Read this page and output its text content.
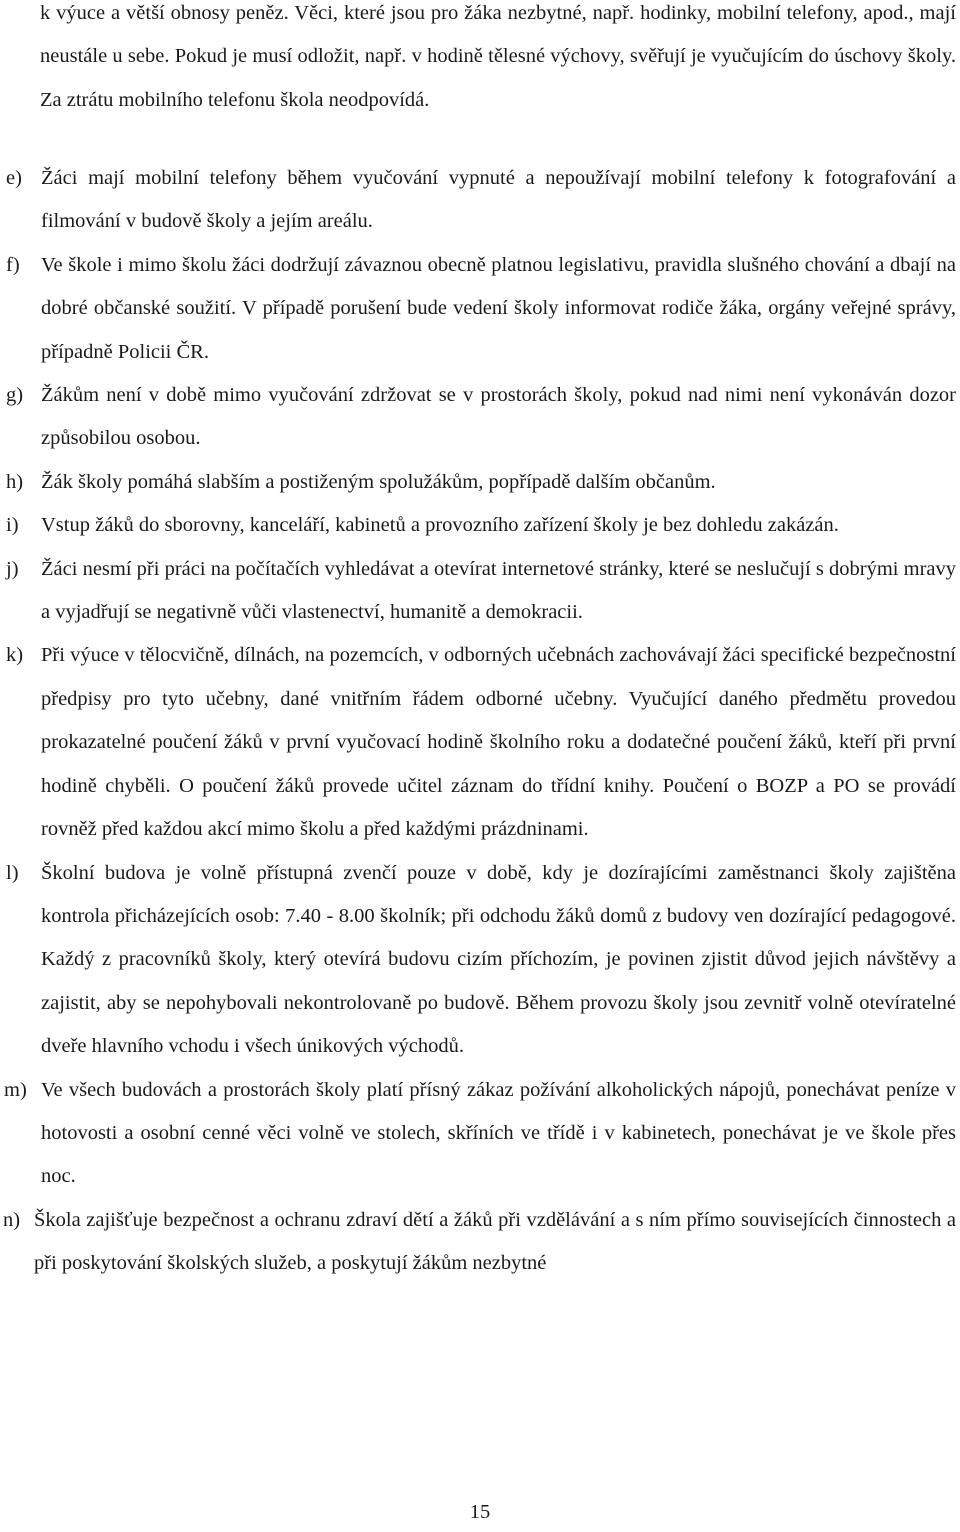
k výuce a větší obnosy peněz. Věci, které jsou pro žáka nezbytné, např. hodinky, mobilní telefony, apod., mají neustále u sebe. Pokud je musí odložit, např. v hodině tělesné výchovy, svěřují je vyučujícím do úschovy školy. Za ztrátu mobilního telefonu škola neodpovídá.

e) Žáci mají mobilní telefony během vyučování vypnuté a nepoužívají mobilní telefony k fotografování a filmování v budově školy a jejím areálu.
f) Ve škole i mimo školu žáci dodržují závaznou obecně platnou legislativu, pravidla slušného chování a dbají na dobré občanské soužití. V případě porušení bude vedení školy informovat rodiče žáka, orgány veřejné správy, případně Policii ČR.
g) Žákům není v době mimo vyučování zdržovat se v prostorách školy, pokud nad nimi není vykonáván dozor způsobilou osobou.
h) Žák školy pomáhá slabším a postiženým spolužákům, popřípadě dalším občanům.
i) Vstup žáků do sborovny, kanceláří, kabinetů a provozního zařízení školy je bez dohledu zakázán.
j) Žáci nesmí při práci na počítačích vyhledávat a otevírat internetové stránky, které se neslučují s dobrými mravy a vyjadřují se negativně vůči vlastenectví, humanitě a demokracii.
k) Při výuce v tělocvičně, dílnách, na pozemcích, v odborných učebnách zachovávají žáci specifické bezpečnostní předpisy pro tyto učebny, dané vnitřním řádem odborné učebny. Vyučující daného předmětu provedou prokazatelné poučení žáků v první vyučovací hodině školního roku a dodatečné poučení žáků, kteří při první hodině chyběli. O poučení žáků provede učitel záznam do třídní knihy. Poučení o BOZP a PO se provádí rovněž před každou akcí mimo školu a před každými prázdninami.
l) Školní budova je volně přístupná zvenčí pouze v době, kdy je dozírajícími zaměstnanci školy zajištěna kontrola přicházejících osob: 7.40 - 8.00 školník; při odchodu žáků domů z budovy ven dozírající pedagogové. Každý z pracovníků školy, který otevírá budovu cizím příchozím, je povinen zjistit důvod jejich návštěvy a zajistit, aby se nepohybovali nekontrolovaně po budově. Během provozu školy jsou zevnitř volně otevíratelné dveře hlavního vchodu i všech únikových východů.
m) Ve všech budovách a prostorách školy platí přísný zákaz požívání alkoholických nápojů, ponechávat peníze v hotovosti a osobní cenné věci volně ve stolech, skříních ve třídě i v kabinetech, ponechávat je ve škole přes noc.
n) Škola zajišťuje bezpečnost a ochranu zdraví dětí a žáků při vzdělávání a s ním přímo souvisejících činnostech a při poskytování školských služeb, a poskytují žákům nezbytné
15
